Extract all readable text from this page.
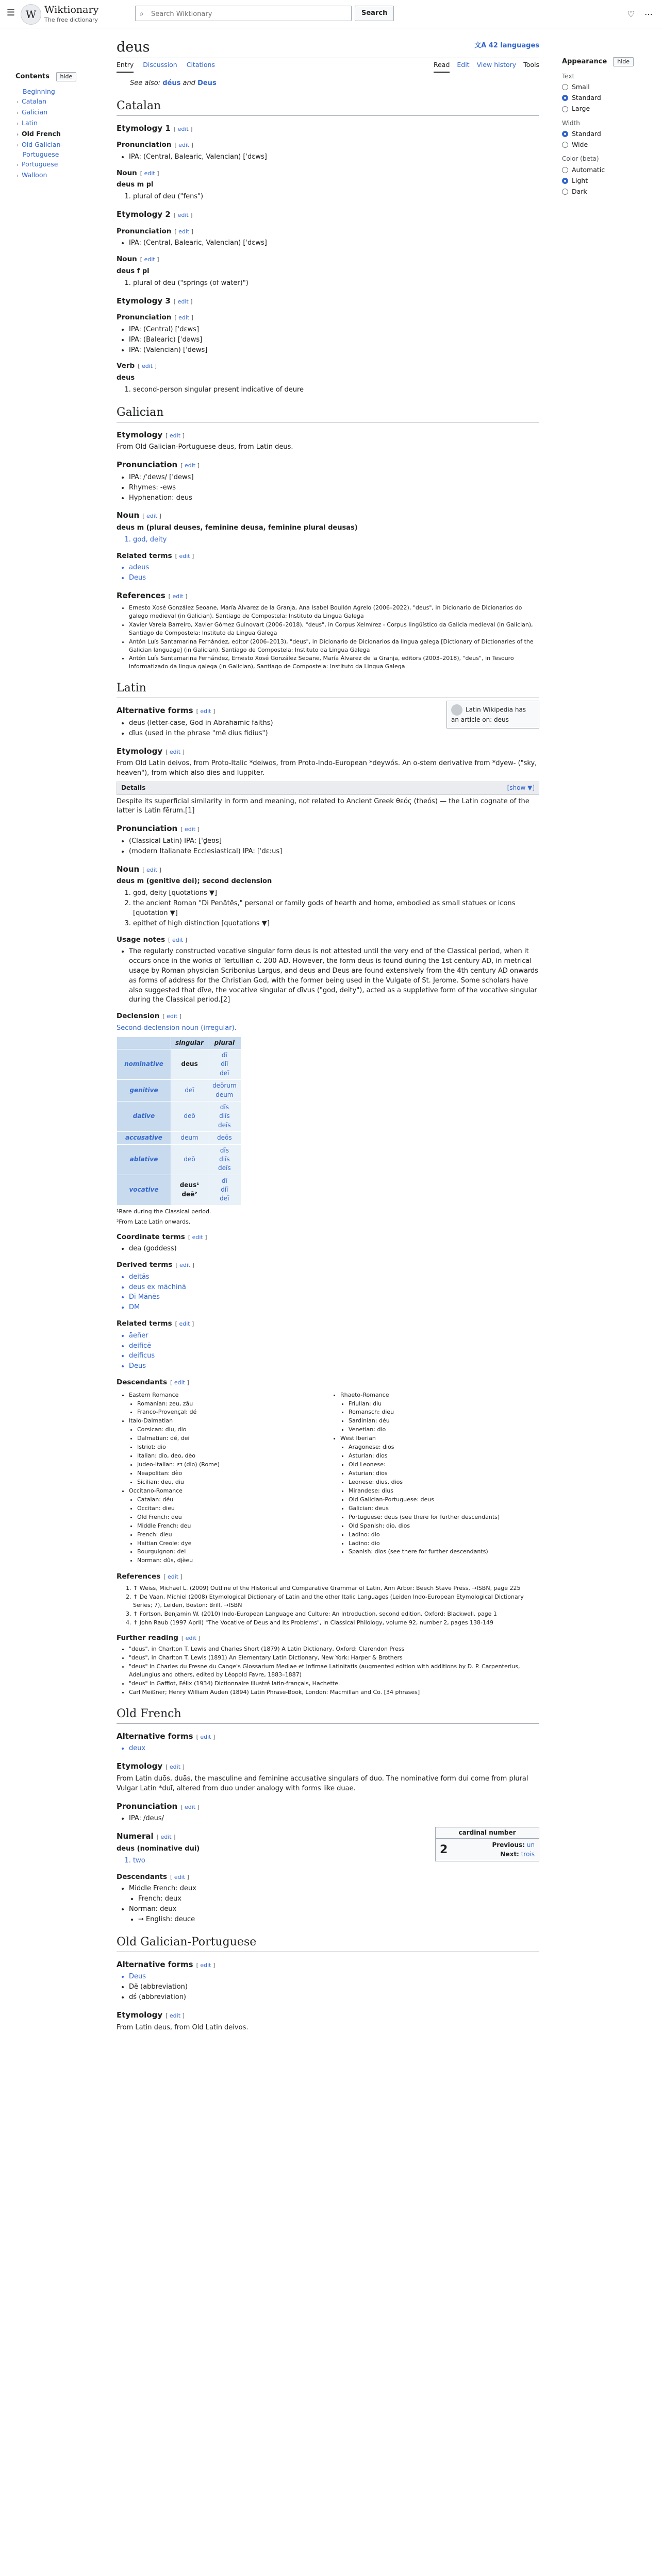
☰	W Wiktionary
The free dictionary
⌕
Search Wiktionary	Search	♡ ⋯
Contents hide
Beginning
› Catalan
› Galician
› Latin
› Old French
› Old Galician-Portuguese
› Portuguese
› Walloon
Appearance hide
Text
Small
Standard
Large
Width
Standard
Wide
Color (beta)
Automatic
Light
Dark
deus	文A 42 languages
Entry Discussion Citations	Read Edit View history Tools
See also: déus and Deus
Catalan
Etymology 1 [ edit ]
Pronunciation [ edit ]
• IPA: (Central, Balearic, Valencian) [ˈdɛws]
Noun [ edit ]

deus m pl

1. plural of deu ("fens")
Etymology 2 [ edit ]
Pronunciation [ edit ]
• IPA: (Central, Balearic, Valencian) [ˈdɛws]
Noun [ edit ]

deus f pl

1. plural of deu ("springs (of water)")
Etymology 3 [ edit ]
Pronunciation [ edit ]
• IPA: (Central) [ˈdɛws]
• IPA: (Balearic) [ˈdəws]
• IPA: (Valencian) [ˈdews]
Verb [ edit ]

deus

1. second-person singular present indicative of deure
Galician
Etymology [ edit ]

From Old Galician-Portuguese deus, from Latin deus.

Pronunciation [ edit ]
• IPA: /ˈdews/ [ˈdews]
• Rhymes: -ews
• Hyphenation: deus
Noun [ edit ]

deus m (plural deuses, feminine deusa, feminine plural deusas)

1. god, deity
Related terms [ edit ]
• adeus
• Deus
References [ edit ]
• Ernesto Xosé González Seoane, María Álvarez de la Granja, Ana Isabel Boullón Agrelo (2006–2022), "deus", in Dicionario de Dicionarios do galego medieval (in Galician), Santiago de Compostela: Instituto da Lingua Galega
• Xavier Varela Barreiro, Xavier Gómez Guinovart (2006–2018), "deus", in Corpus Xelmírez - Corpus lingüístico da Galicia medieval (in Galician), Santiago de Compostela: Instituto da Lingua Galega
• Antón Luís Santamarina Fernández, editor (2006–2013), "deus", in Dicionario de Dicionarios da lingua galega [Dictionary of Dictionaries of the Galician language] (in Galician), Santiago de Compostela: Instituto da Lingua Galega
• Antón Luís Santamarina Fernández, Ernesto Xosé González Seoane, María Álvarez de la Granja, editors (2003–2018), "deus", in Tesouro informatizado da lingua galega (in Galician), Santiago de Compostela: Instituto da Lingua Galega
Latin
Latin Wikipedia has an article on: deus
Alternative forms [ edit ]
• deus (letter-case, God in Abrahamic faiths)
• dīus (used in the phrase "mē dius fidius")
Etymology [ edit ]

From Old Latin deivos, from Proto-Italic *deiwos, from Proto-Indo-European *deywós. An o-stem derivative from *dyew- ("sky, heaven"), from which also dies and Iuppiter.

Details	[show ▼]

Despite its superficial similarity in form and meaning, not related to Ancient Greek θεός (theós) — the Latin cognate of the latter is Latin fērum.[1]

Pronunciation [ edit ]
• (Classical Latin) IPA: [ˈd̪eʊs]
• (modern Italianate Ecclesiastical) IPA: [ˈdɛːus]
Noun [ edit ]

deus m (genitive deī); second declension

1. god, deity [quotations ▼]
2. the ancient Roman "Di Penātēs," personal or family gods of hearth and home, embodied as small statues or icons [quotation ▼]
3. epithet of high distinction [quotations ▼]
Usage notes [ edit ]
• The regularly constructed vocative singular form deus is not attested until the very end of the Classical period, when it occurs once in the works of Tertullian c. 200 AD. However, the form deus is found during the 1st century AD, in metrical usage by Roman physician Scribonius Largus, and deus and Deus are found extensively from the 4th century AD onwards as forms of address for the Christian God, with the former being used in the Vulgate of St. Jerome. Some scholars have also suggested that dīve, the vocative singular of dīvus ("god, deity"), acted as a suppletive form of the vocative singular during the Classical period.[2]
Declension [ edit ]

Second-declension noun (irregular).

	singular	plural
nominative	deus	dī
diī
deī
genitive	deī	deōrum
deum
dative	deō	dīs
diīs
deīs
accusative	deum	deōs
ablative	deō	dīs
diīs
deīs
vocative	deus¹
deē²	dī
diī
deī

¹Rare during the Classical period.

²From Late Latin onwards.

Coordinate terms [ edit ]
• dea (goddess)
Derived terms [ edit ]
• deitās
• deus ex māchinā
• Dī Mānēs
• DM
Related terms [ edit ]
• āeñer
• deificē
• deificus
• Deus
Descendants [ edit ]
• Eastern Romance
• Romanian: zeu, zău
• Franco-Provençal: dé
• Italo-Dalmatian
• Corsican: diu, dio
• Dalmatian: dé, dei
• Istriot: dio
• Italian: dio, deo, dèo
• Judeo-Italian: דיו (dio) (Rome)
• Neapolitan: dèo
• Sicilian: deu, diu
• Occitano-Romance
• Catalan: déu
• Occitan: dieu
• Old French: deu
• Middle French: deu
• French: dieu
• Haitian Creole: dye
• Bourguignon: dei
• Norman: dûs, djèeu
• Rhaeto-Romance
• Friulian: diu
• Romansch: dieu
• Sardinian: déu
• Venetian: dio
• West Iberian
• Aragonese: dios
• Asturian: dios
• Old Leonese:
• Asturian: dios
• Leonese: dius, dios
• Mirandese: dius
• Old Galician-Portuguese: deus
• Galician: deus
• Portuguese: deus (see there for further descendants)
• Old Spanish: dio, dios
• Ladino: dio
• Ladino: dio
• Spanish: dios (see there for further descendants)
References [ edit ]
1. ↑ Weiss, Michael L. (2009) Outline of the Historical and Comparative Grammar of Latin, Ann Arbor: Beech Stave Press, →ISBN, page 225
2. ↑ De Vaan, Michiel (2008) Etymological Dictionary of Latin and the other Italic Languages (Leiden Indo-European Etymological Dictionary Series; 7), Leiden, Boston: Brill, →ISBN
3. ↑ Fortson, Benjamin W. (2010) Indo-European Language and Culture: An Introduction, second edition, Oxford: Blackwell, page 1
4. ↑ John Raub (1997 April) "The Vocative of Deus and Its Problems", in Classical Philology, volume 92, number 2, pages 138-149
Further reading [ edit ]
• "deus", in Charlton T. Lewis and Charles Short (1879) A Latin Dictionary, Oxford: Clarendon Press
• "deus", in Charlton T. Lewis (1891) An Elementary Latin Dictionary, New York: Harper & Brothers
• "deus" in Charles du Fresne du Cange's Glossarium Mediae et Infimae Latinitatis (augmented edition with additions by D. P. Carpenterius, Adelungius and others, edited by Léopold Favre, 1883–1887)
• "deus" in Gaffiot, Félix (1934) Dictionnaire illustré latin-français, Hachette.
• Carl Meißner; Henry William Auden (1894) Latin Phrase-Book, London: Macmillan and Co. [34 phrases]
Old French
Alternative forms [ edit ]
• deux
Etymology [ edit ]

From Latin duōs, duās, the masculine and feminine accusative singulars of duo. The nominative form dui come from plural Vulgar Latin *duī, altered from duo under analogy with forms like duae.

Pronunciation [ edit ]
• IPA: /deus/
Numeral [ edit ]
cardinal number
2	Previous: un
Next: trois

deus (nominative dui)

1. two
Descendants [ edit ]
• Middle French: deux
• French: deux
• Norman: deux
• → English: deuce
Old Galician-Portuguese
Alternative forms [ edit ]
• Deus
• Dẽ (abbreviation)
• dś (abbreviation)
Etymology [ edit ]

From Latin deus, from Old Latin deivos.
